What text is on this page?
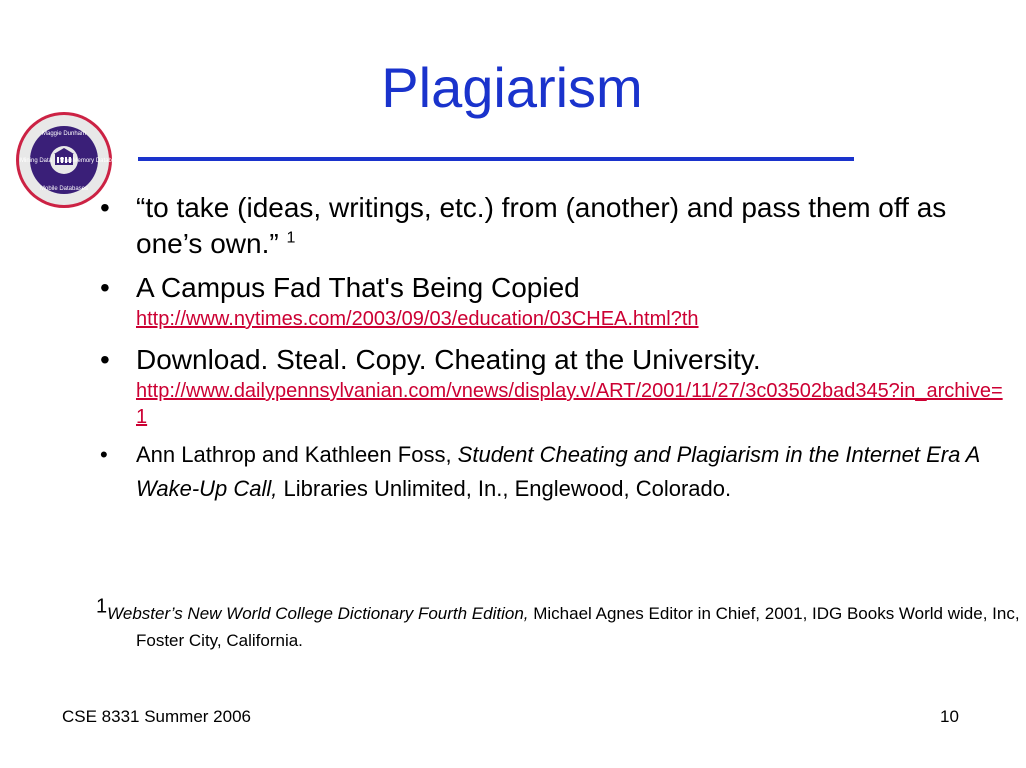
Plagiarism
Maggie Dunham
Mining Data MainMemory Databases
Mobile Databases
• “to take (ideas, writings, etc.) from (another) and pass them off as one’s own.” $^1$
• A Campus Fad That's Being Copied
http://www.nytimes.com/2003/09/03/education/03CHEA.html?th
• Download. Steal. Copy. Cheating at the University.
http://www.dailypennsylvanian.com/vnews/display.v/ART/2001/11/27/3c03502bad345?in_archive=1
• Ann Lathrop and Kathleen Foss, Student Cheating and Plagiarism in the Internet Era A Wake-Up Call, Libraries Unlimited, In., Englewood, Colorado.
1Webster’s New World College Dictionary Fourth Edition, Michael Agnes Editor in Chief, 2001, IDG Books World wide, Inc, Foster City, California.
CSE 8331 Summer 2006	10
